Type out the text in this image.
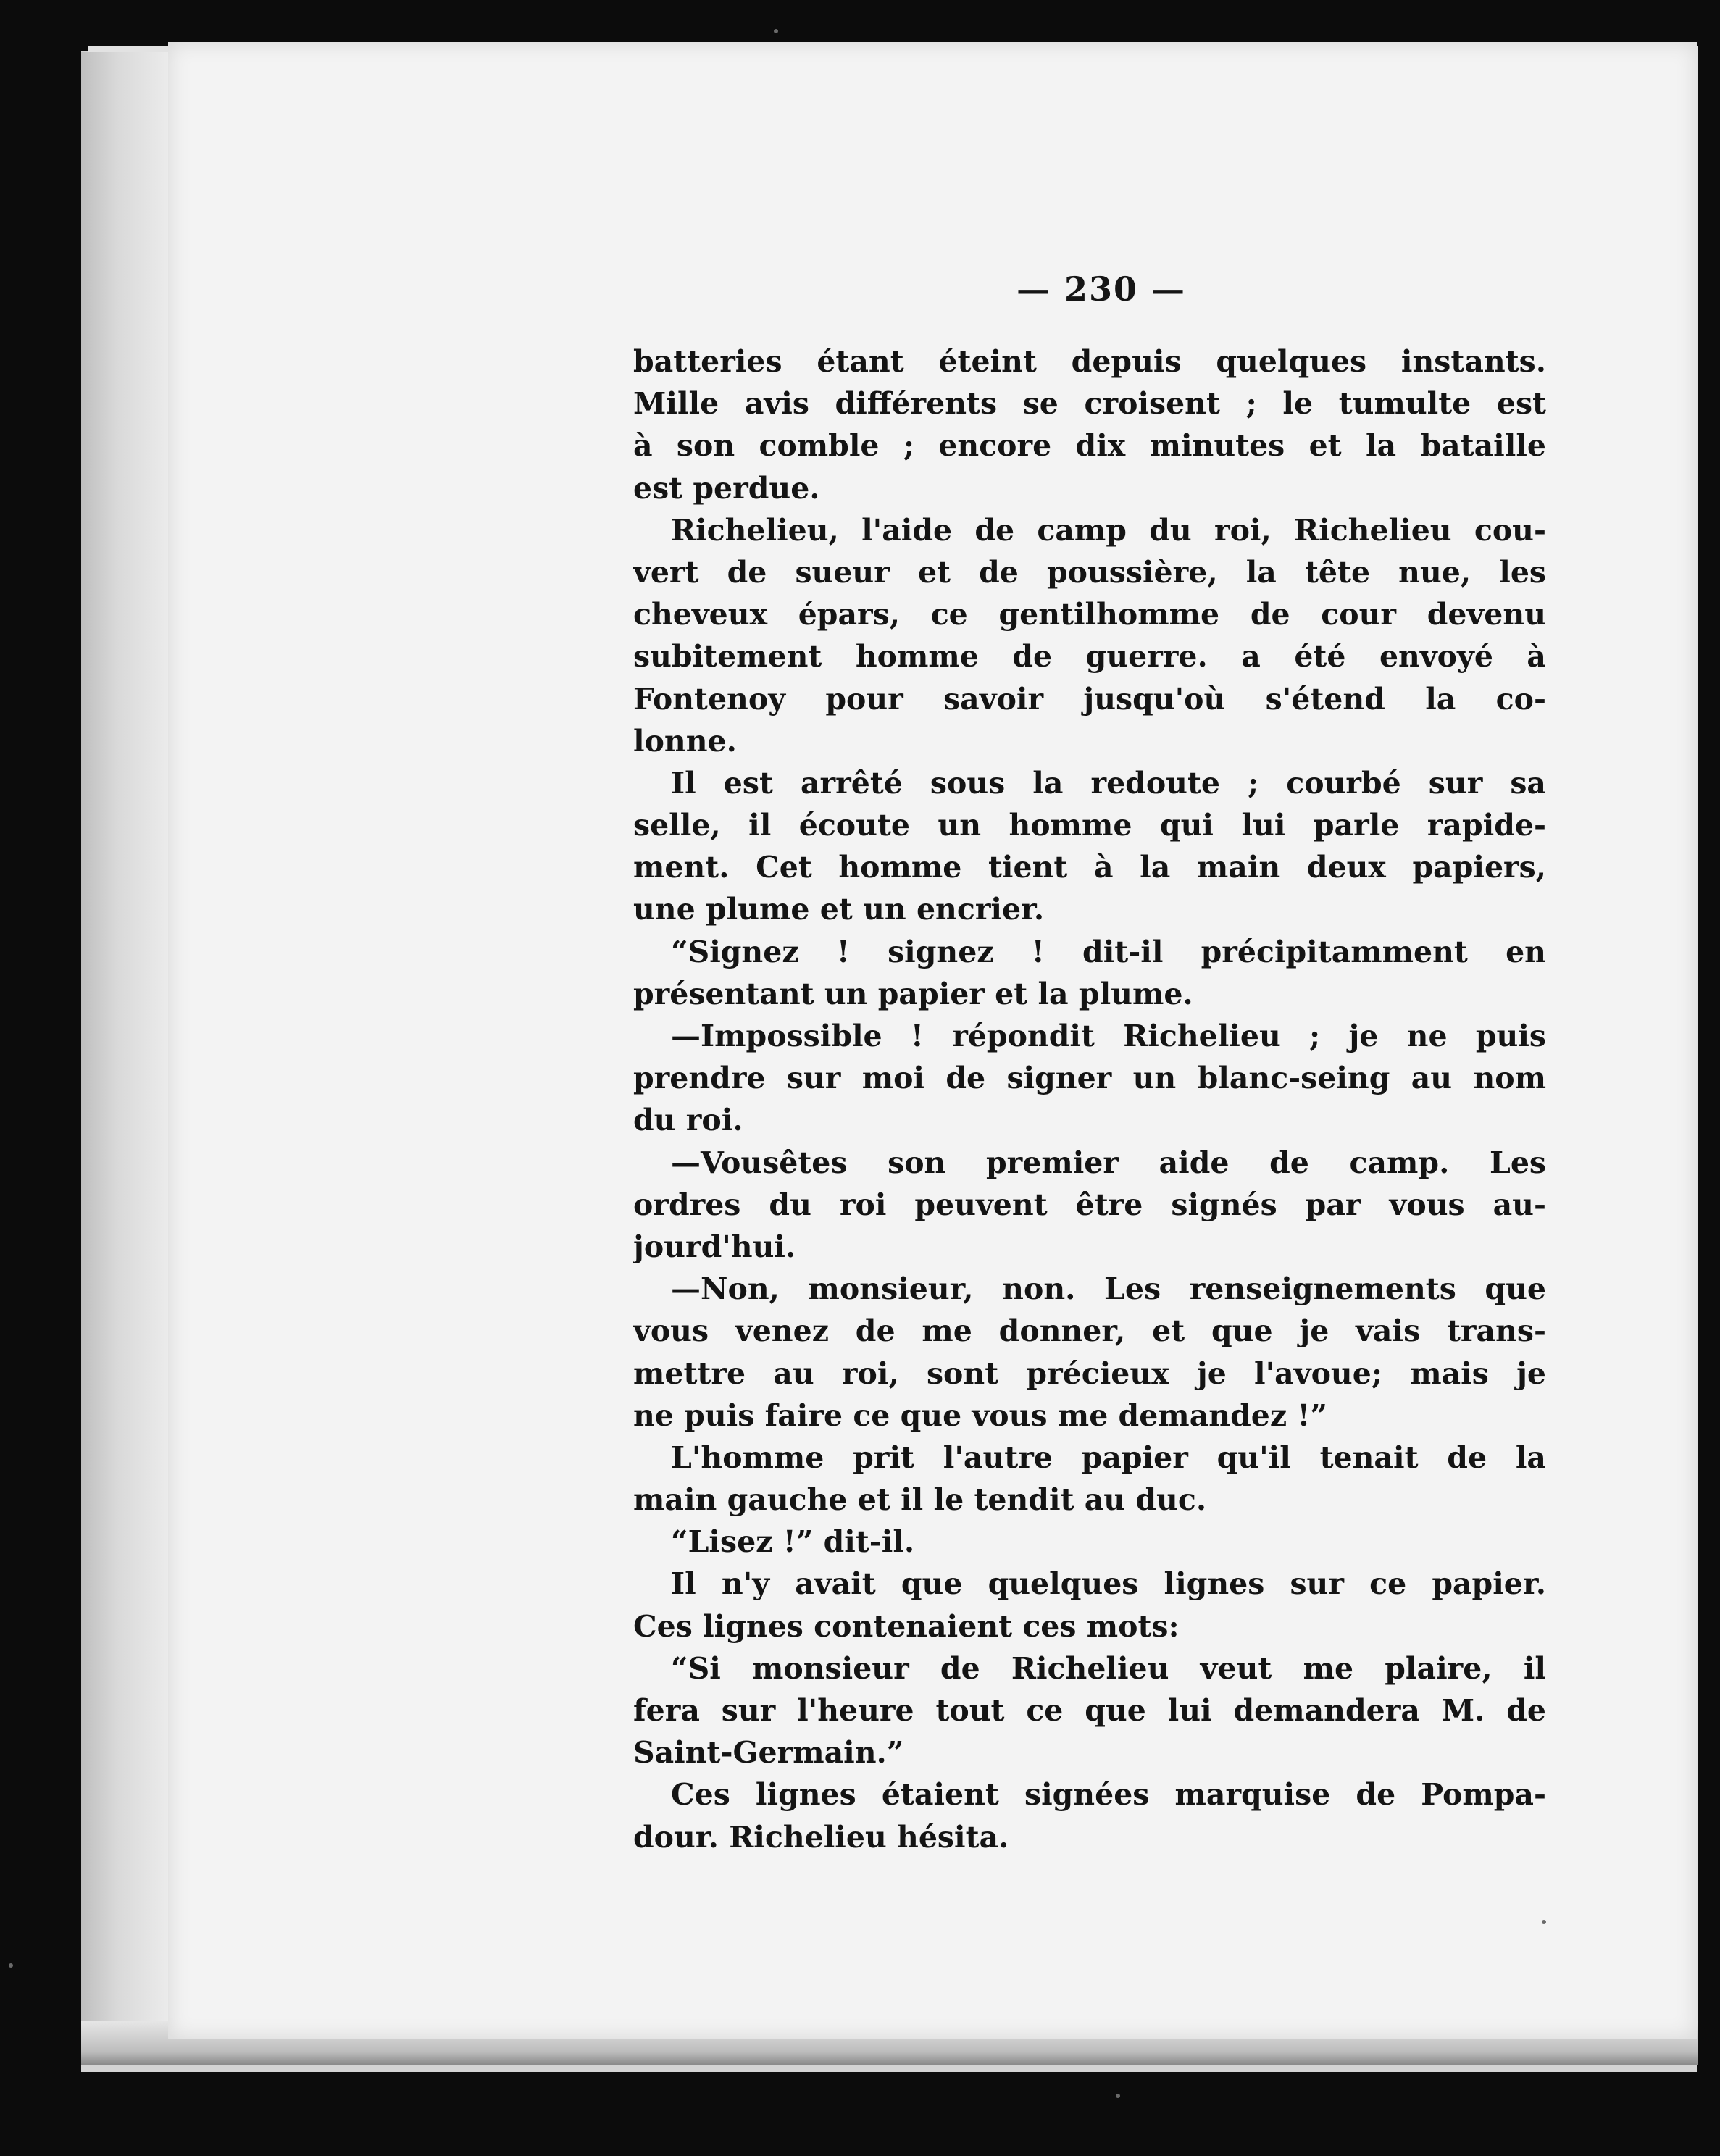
— 230 —
batteries étant éteint depuis quelques instants.
Mille avis différents se croisent ; le tumulte est
à son comble ; encore dix minutes et la bataille
est perdue.
Richelieu, l'aide de camp du roi, Richelieu cou-
vert de sueur et de poussière, la tête nue, les
cheveux épars, ce gentilhomme de cour devenu
subitement homme de guerre. a été envoyé à
Fontenoy pour savoir jusqu'où s'étend la co-
lonne.
Il est arrêté sous la redoute ; courbé sur sa
selle, il écoute un homme qui lui parle rapide-
ment. Cet homme tient à la main deux papiers,
une plume et un encrier.
“Signez ! signez ! dit-il précipitamment en
présentant un papier et la plume.
—Impossible ! répondit Richelieu ; je ne puis
prendre sur moi de signer un blanc-seing au nom
du roi.
—Vousêtes son premier aide de camp. Les
ordres du roi peuvent être signés par vous au-
jourd'hui.
—Non, monsieur, non. Les renseignements que
vous venez de me donner, et que je vais trans-
mettre au roi, sont précieux je l'avoue; mais je
ne puis faire ce que vous me demandez !”
L'homme prit l'autre papier qu'il tenait de la
main gauche et il le tendit au duc.
“Lisez !” dit-il.
Il n'y avait que quelques lignes sur ce papier.
Ces lignes contenaient ces mots:
“Si monsieur de Richelieu veut me plaire, il
fera sur l'heure tout ce que lui demandera M. de
Saint-Germain.”
Ces lignes étaient signées marquise de Pompa-
dour. Richelieu hésita.
